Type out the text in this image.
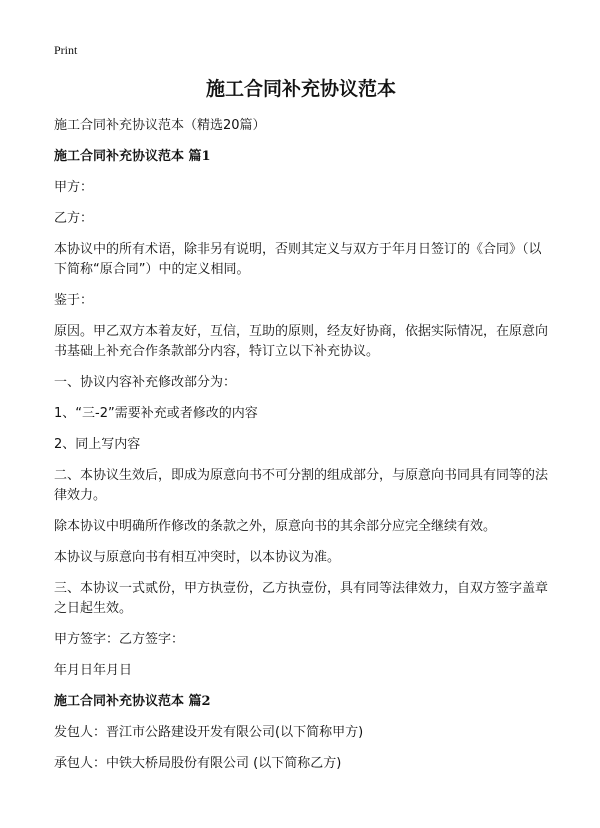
Print
施工合同补充协议范本
施工合同补充协议范本（精选20篇）
施工合同补充协议范本 篇1
甲方：
乙方：
本协议中的所有术语，除非另有说明，否则其定义与双方于年月日签订的《合同》（以下简称“原合同”）中的定义相同。
鉴于：
原因。甲乙双方本着友好，互信，互助的原则，经友好协商，依据实际情况，在原意向书基础上补充合作条款部分内容，特订立以下补充协议。
一、协议内容补充修改部分为：
1、“三-2”需要补充或者修改的内容
2、同上写内容
二、本协议生效后，即成为原意向书不可分割的组成部分，与原意向书同具有同等的法律效力。
除本协议中明确所作修改的条款之外，原意向书的其余部分应完全继续有效。
本协议与原意向书有相互冲突时，以本协议为准。
三、本协议一式贰份，甲方执壹份，乙方执壹份，具有同等法律效力，自双方签字盖章之日起生效。
甲方签字：乙方签字：
年月日年月日
施工合同补充协议范本 篇2
发包人：晋江市公路建设开发有限公司(以下简称甲方)
承包人：中铁大桥局股份有限公司 (以下简称乙方)
